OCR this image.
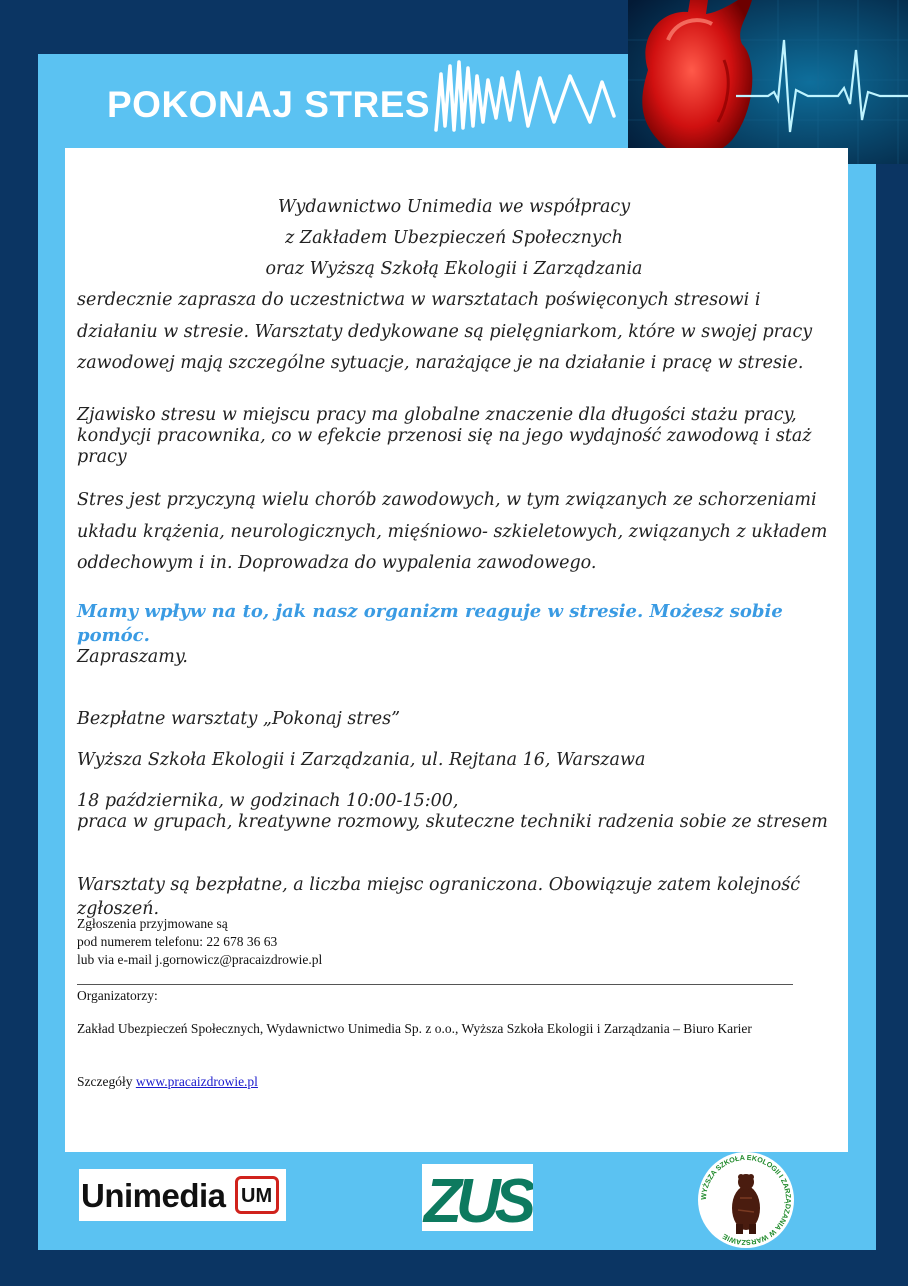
POKONAJ STRES
Wydawnictwo Unimedia we współpracy
z Zakładem Ubezpieczeń Społecznych
oraz Wyższą Szkołą Ekologii i Zarządzania
serdecznie zaprasza do uczestnictwa w warsztatach poświęconych stresowi i działaniu w stresie. Warsztaty dedykowane są pielęgniarkom, które w swojej pracy zawodowej mają szczególne sytuacje, narażające je na działanie i pracę w stresie.
Zjawisko stresu w miejscu pracy ma globalne znaczenie dla długości stażu pracy, kondycji pracownika, co w efekcie przenosi się na jego wydajność zawodową i staż pracy
Stres jest przyczyną wielu chorób zawodowych, w tym związanych ze schorzeniami układu krążenia, neurologicznych, mięśniowo- szkieletowych, związanych z układem oddechowym i in. Doprowadza do wypalenia zawodowego.
Mamy wpływ na to, jak nasz organizm reaguje w stresie. Możesz sobie pomóc.
Zapraszamy.
Bezpłatne warsztaty „Pokonaj stres”
Wyższa Szkoła Ekologii i Zarządzania, ul. Rejtana 16, Warszawa
18 października, w godzinach 10:00-15:00,
praca w grupach, kreatywne rozmowy, skuteczne techniki radzenia sobie ze stresem
Warsztaty są bezpłatne, a liczba miejsc ograniczona. Obowiązuje zatem kolejność zgłoszeń.
Zgłoszenia przyjmowane są
pod numerem telefonu: 22 678 36 63
lub via e-mail j.gornowicz@pracaizdrowie.pl
Organizatorzy:
Zakład Ubezpieczeń Społecznych, Wydawnictwo Unimedia Sp. z o.o., Wyższa Szkoła Ekologii i Zarządzania – Biuro Karier
Szczegóły www.pracaizdrowie.pl
Unimedia UM ZUS	WYŻSZA SZKOŁA EKOLOGII I ZARZĄDZANIA W WARSZAWIE
